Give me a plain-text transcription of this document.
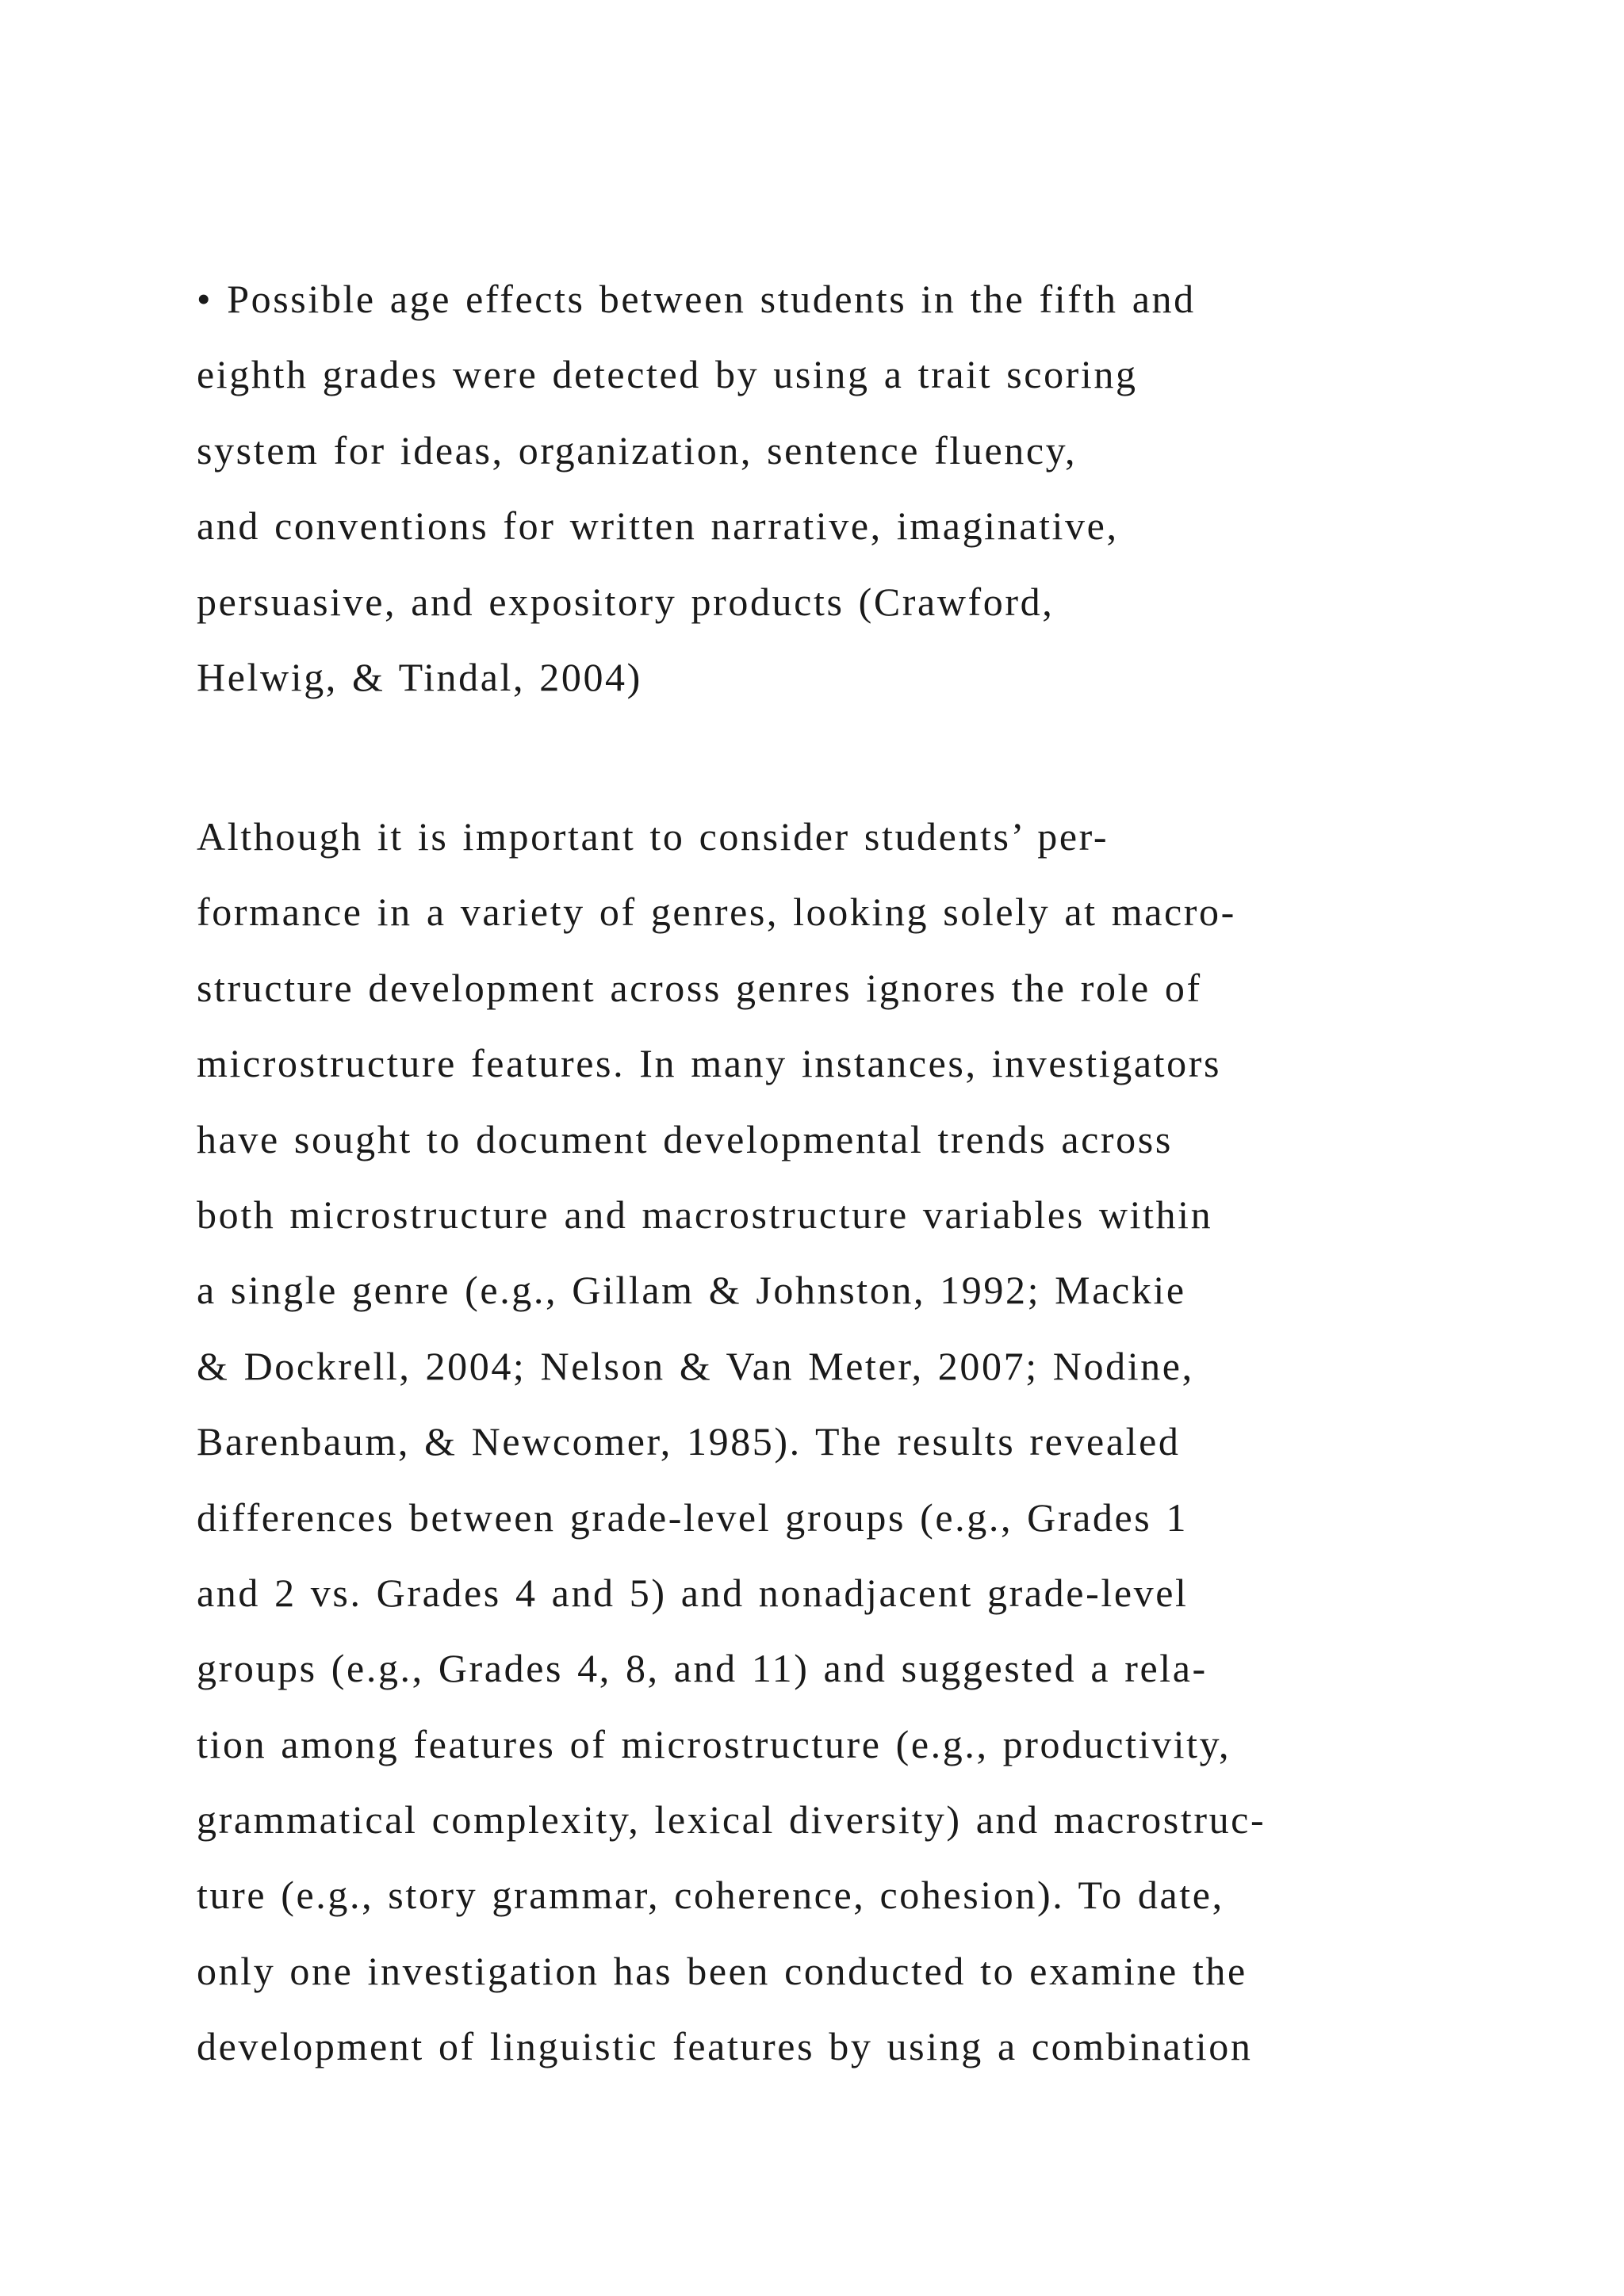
• Possible age effects between students in the fifth and
eighth grades were detected by using a trait scoring
system for ideas, organization, sentence fluency,
and conventions for written narrative, imaginative,
persuasive, and expository products (Crawford,
Helwig, & Tindal, 2004)
Although it is important to consider students’ per-
formance in a variety of genres, looking solely at macro-
structure development across genres ignores the role of
microstructure features. In many instances, investigators
have sought to document developmental trends across
both microstructure and macrostructure variables within
a single genre (e.g., Gillam & Johnston, 1992; Mackie
& Dockrell, 2004; Nelson & Van Meter, 2007; Nodine,
Barenbaum, & Newcomer, 1985). The results revealed
differences between grade-level groups (e.g., Grades 1
and 2 vs. Grades 4 and 5) and nonadjacent grade-level
groups (e.g., Grades 4, 8, and 11) and suggested a rela-
tion among features of microstructure (e.g., productivity,
grammatical complexity, lexical diversity) and macrostruc-
ture (e.g., story grammar, coherence, cohesion). To date,
only one investigation has been conducted to examine the
development of linguistic features by using a combination
